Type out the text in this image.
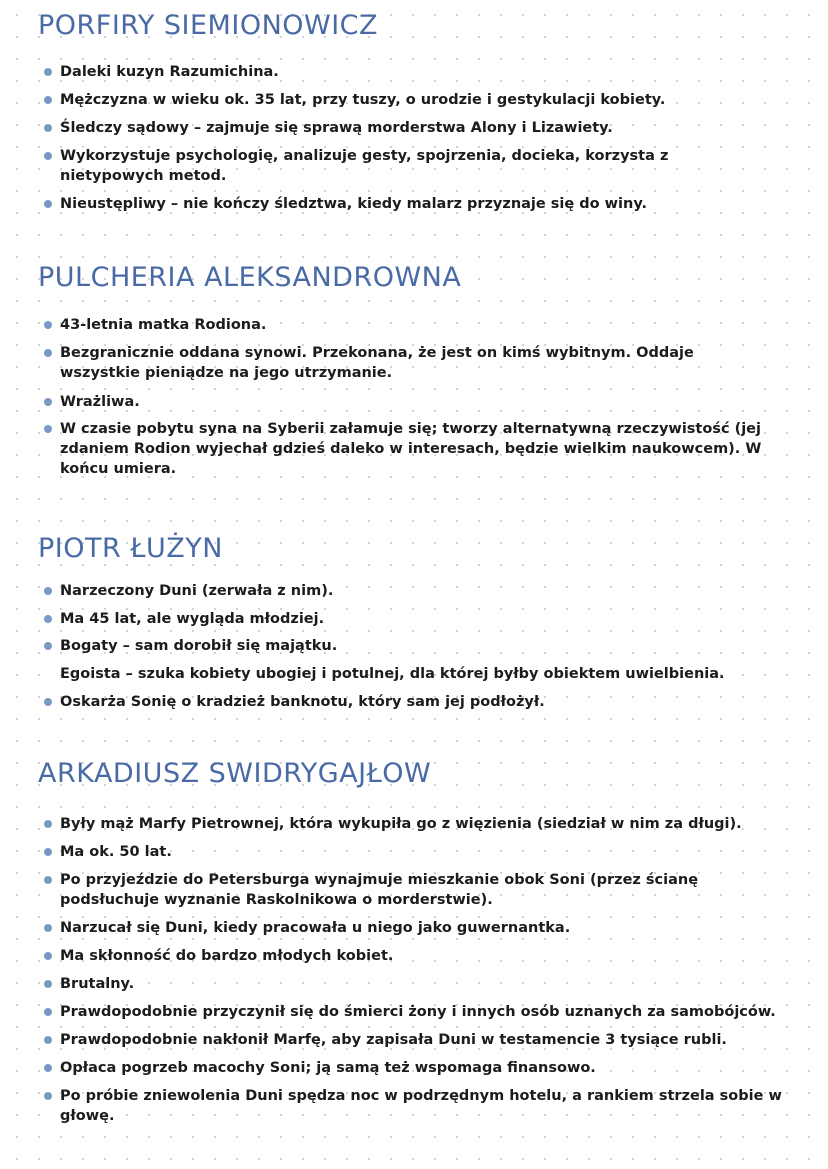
PORFIRY SIEMIONOWICZ
Daleki kuzyn Razumichina.
Mężczyzna w wieku ok. 35 lat, przy tuszy, o urodzie i gestykulacji kobiety.
Śledczy sądowy – zajmuje się sprawą morderstwa Alony i Lizawiety.
Wykorzystuje psychologię, analizuje gesty, spojrzenia, docieka, korzysta z nietypowych metod.
Nieustępliwy – nie kończy śledztwa, kiedy malarz przyznaje się do winy.
PULCHERIA ALEKSANDROWNA
43-letnia matka Rodiona.
Bezgranicznie oddana synowi. Przekonana, że jest on kimś wybitnym. Oddaje wszystkie pieniądze na jego utrzymanie.
Wrażliwa.
W czasie pobytu syna na Syberii załamuje się; tworzy alternatywną rzeczywistość (jej zdaniem Rodion wyjechał gdzieś daleko w interesach, będzie wielkim naukowcem). W końcu umiera.
PIOTR ŁUŻYN
Narzeczony Duni (zerwała z nim).
Ma 45 lat, ale wygląda młodziej.
Bogaty – sam dorobił się majątku.
Egoista – szuka kobiety ubogiej i potulnej, dla której byłby obiektem uwielbienia.
Oskarża Sonię o kradzież banknotu, który sam jej podłożył.
ARKADIUSZ SWIDRYGAJŁOW
Były mąż Marfy Pietrownej, która wykupiła go z więzienia (siedział w nim za długi).
Ma ok. 50 lat.
Po przyjeździe do Petersburga wynajmuje mieszkanie obok Soni (przez ścianę podsłuchuje wyznanie Raskolnikowa o morderstwie).
Narzucał się Duni, kiedy pracowała u niego jako guwernantka.
Ma skłonność do bardzo młodych kobiet.
Brutalny.
Prawdopodobnie przyczynił się do śmierci żony i innych osób uznanych za samobójców.
Prawdopodobnie nakłonił Marfę, aby zapisała Duni w testamencie 3 tysiące rubli.
Opłaca pogrzeb macochy Soni; ją samą też wspomaga finansowo.
Po próbie zniewolenia Duni spędza noc w podrzędnym hotelu, a rankiem strzela sobie w głowę.
